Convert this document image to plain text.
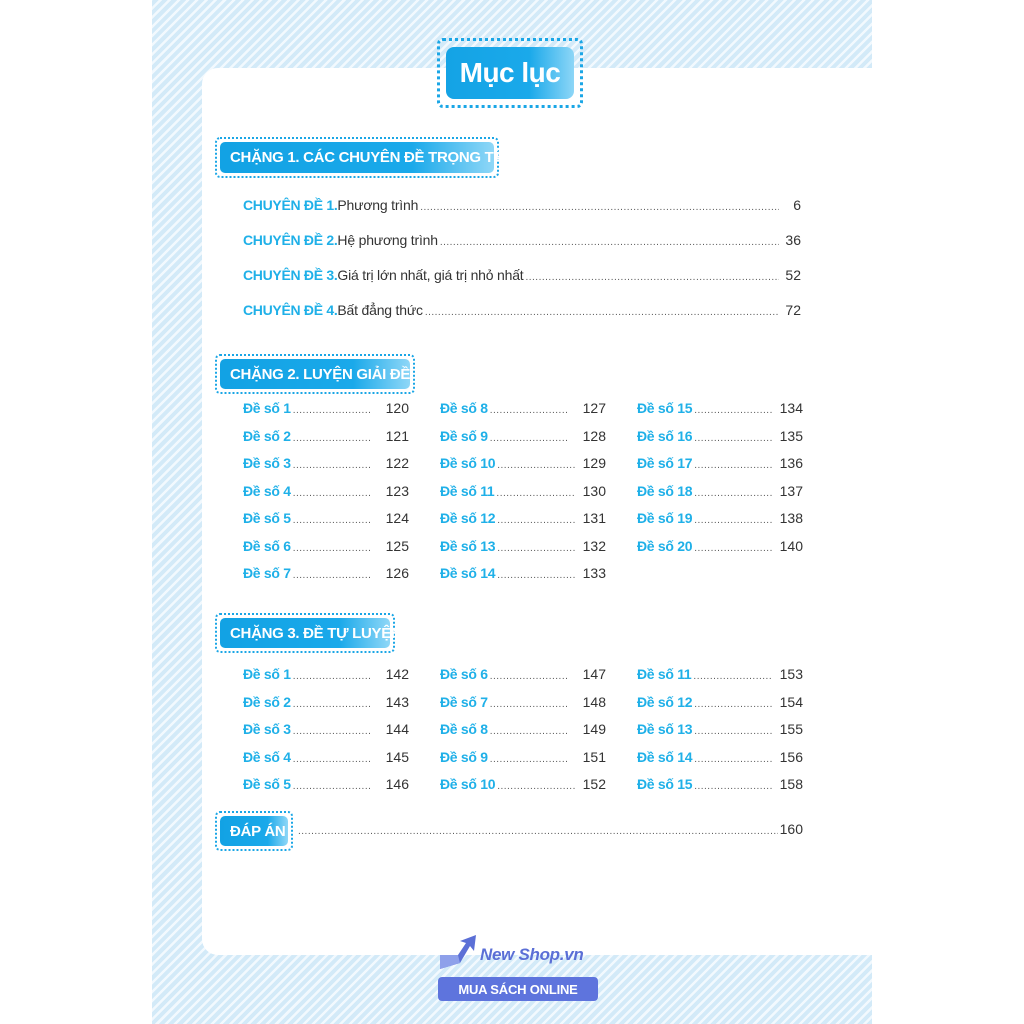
Mục lục
CHẶNG 1. CÁC CHUYÊN ĐỀ TRỌNG TÂM
CHUYÊN ĐỀ 1. Phương trình .....	6
CHUYÊN ĐỀ 2. Hệ phương trình .....	36
CHUYÊN ĐỀ 3. Giá trị lớn nhất, giá trị nhỏ nhất .....	52
CHUYÊN ĐỀ 4. Bất đẳng thức .....	72
CHẶNG 2. LUYỆN GIẢI ĐỀ
Đề số 1 .....	120
Đề số 2 .....	121
Đề số 3 .....	122
Đề số 4 .....	123
Đề số 5 .....	124
Đề số 6 .....	125
Đề số 7 .....	126
Đề số 8 .....	127
Đề số 9 .....	128
Đề số 10 .....	129
Đề số 11 .....	130
Đề số 12 .....	131
Đề số 13 .....	132
Đề số 14 .....	133
Đề số 15 .....	134
Đề số 16 .....	135
Đề số 17 .....	136
Đề số 18 .....	137
Đề số 19 .....	138
Đề số 20 .....	140
CHẶNG 3. ĐỀ TỰ LUYỆN
Đề số 1 .....	142
Đề số 2 .....	143
Đề số 3 .....	144
Đề số 4 .....	145
Đề số 5 .....	146
Đề số 6 .....	147
Đề số 7 .....	148
Đề số 8 .....	149
Đề số 9 .....	151
Đề số 10 .....	152
Đề số 11 .....	153
Đề số 12 .....	154
Đề số 13 .....	155
Đề số 14 .....	156
Đề số 15 .....	158
ĐÁP ÁN .....	160
New Shop.vn
MUA SÁCH ONLINE
